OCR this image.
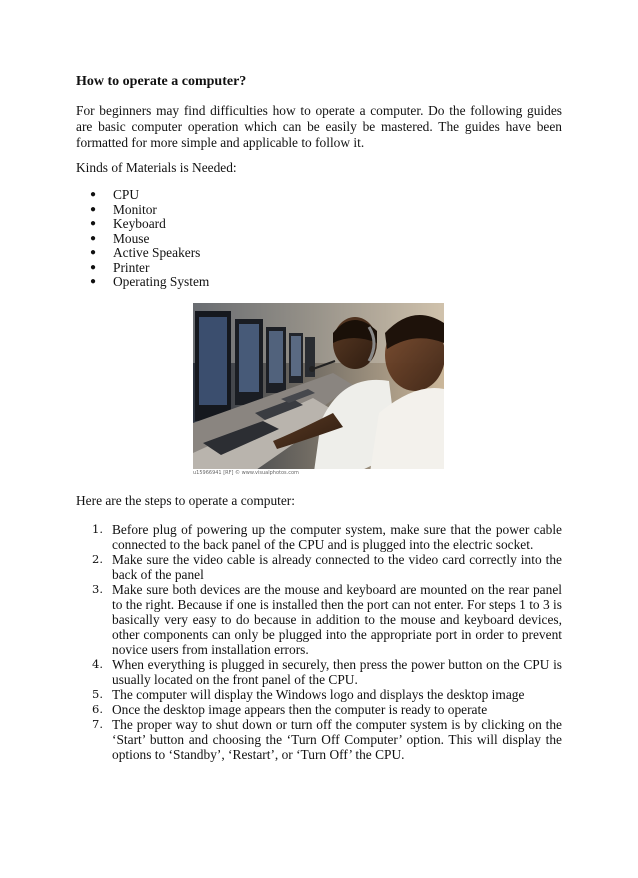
How to operate a computer?

For beginners may find difficulties how to operate a computer. Do the following guides are basic computer operation which can be easily be mastered. The guides have been formatted for more simple and applicable to follow it.

Kinds of Materials is Needed:

● CPU
● Monitor
● Keyboard
● Mouse
● Active Speakers
● Printer
● Operating System
u15966941 [RF] © www.visualphotos.com

Here are the steps to operate a computer:

1. Before plug of powering up the computer system, make sure that the power cable connected to the back panel of the CPU and is plugged into the electric socket.
2. Make sure the video cable is already connected to the video card correctly into the back of the panel
3. Make sure both devices are the mouse and keyboard are mounted on the rear panel to the right. Because if one is installed then the port can not enter. For steps 1 to 3 is basically very easy to do because in addition to the mouse and keyboard devices, other components can only be plugged into the appropriate port in order to prevent novice users from installation errors.
4. When everything is plugged in securely, then press the power button on the CPU is usually located on the front panel of the CPU.
5. The computer will display the Windows logo and displays the desktop image
6. Once the desktop image appears then the computer is ready to operate
7. The proper way to shut down or turn off the computer system is by clicking on the ‘Start’ button and choosing the ‘Turn Off Computer’ option. This will display the options to ‘Standby’, ‘Restart’, or ‘Turn Off’ the CPU.
